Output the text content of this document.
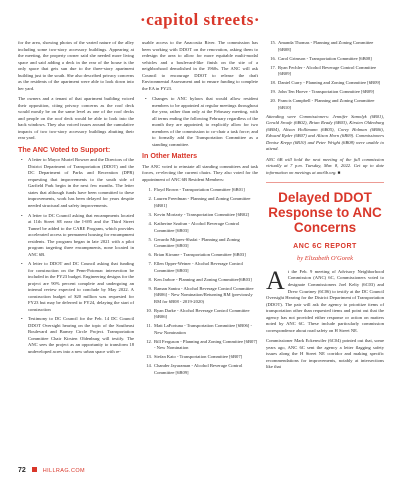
·capitol streets·

for the area, showing photos of the varied nature of the alley including some two-story accessory buildings. Appearing at the meeting, the property owner said she needed more living space and said adding a deck in the rear of the house is the only space that gets sun due to the three-story apartment building just to the south. She also described privacy concerns as the residents of the apartment were able to look down into her yard.

The owners and a tenant of that apartment building voiced their opposition, citing privacy concerns as the roof deck would mostly be on the same level as one of the roof decks and people on the roof deck would be able to look into the back windows. They also voiced issues around the cumulative impacts of two two-story accessory buildings abutting their rear yard.

The ANC Voted to Support:
• A letter to Mayor Muriel Bowser and the Directors of the District Department of Transportation (DDOT) and the DC Department of Parks and Recreation (DPR) requesting that improvements to the south side of Garfield Park begin in the next few months. The letter states that although funds have been committed to these improvements, work has been delayed for years despite needed structural and safety improvements.
• A letter to DC Council asking that encampments located at 11th Street SE near the I-695 and the Third Street Tunnel be added to the CARE Program, which provides accelerated access to permanent housing for encampment residents. The program began in late 2021 with a pilot program targeting three encampments, none located in ANC 6B.
• A letter to DDOT and DC Council asking that funding for construction on the Penn-Potomac intersection be included in the FY23 budget. Engineering designs for the project are 90% percent complete and undergoing an internal review expected to conclude by May 2022. A construction budget of $20 million was requested for FY23 but may be deferred to FY24, delaying the start of construction
• Testimony to DC Council for the Feb. 14 DC Council DDOT Oversight hearing on the topic of the Southeast Boulevard and Barney Circle Project. Transportation Committee Chair Kirsten Oldenburg will testify. The ANC sees the project as an opportunity to transform 18 undeveloped acres into a new urban space with re-

usable access to the Anacostia River. The commission has been working with DDOT on the renovation, asking them to redesign the area to allow for more equitable multi-modal vehicles and a boulevard-like finish on the site of a neighborhood demolished in the 1960s. The ANC will ask Council to encourage DDOT to release the draft Environmental Assessment and to ensure funding to complete the EA in FY23.

• Changes to ANC bylaws that would allow resident members to be appointed at regular meetings throughout the year, rather than only at the February meeting, with all terms ending the following February regardless of the month they are appointed; to explicitly allow for two members of the commission to co-chair a task force; and to formally add the Transportation Committee as a standing committee.
In Other Matters

The ANC voted to reinstate all standing committees and task forces, re-electing the current chairs. They also voted for the appointment of ANC 6B Resident Members:

1. Floyd Brown - Transportation Committee [6B01]
2. Lauren Freedman - Planning and Zoning Committee [6B01]
3. Kevin Moriarty - Transportation Committee [6B02]
4. Katherine Szafran - Alcohol Beverage Control Committee [6B03]
5. Gerardo Mijares-Shafai - Planning and Zoning Committee [6B03]
6. Brian Kirrane - Transportation Committee [6B03]
7. Ellen Opper-Weiner - Alcohol Beverage Control Committee [6B03]
8. Ken Jarboe - Planning and Zoning Committee[6B03]
9. Raman Santra - Alcohol Beverage Control Committee [6B06] - New Nomination/Returning RM (previously RM for 6B08 - 2019-2020)
10. Ryan Darke - Alcohol Beverage Control Committee [6B06]
11. Matt LaFortuna - Transportation Committee [6B06] - New Nomination
12. Bill Ferguson - Planning and Zoning Committee [6B07] - New Nomination
13. Stefan Kato - Transportation Committee [6B07]
14. Chander Jayaraman - Alcohol Beverage Control Committee [6B09]
15. Amanda Thomas - Planning and Zoning Committee [6B08]
16. Carol Grimson - Transportation Committee [6B08]
17. Ryan Fechler - Alcohol Beverage Control Committee [6B09]
18. Daniel Curry - Planning and Zoning Committee [6B09]
19. John Ten Hoeve - Transportation Committee [6B09]
20. Francis Campbell - Planning and Zoning Committee [6B10]

Attending were Commissioners: Jennifer Samolyk (6B01), Gerald Sroufe (6B02), Brian Ready (6B03), Kirsten Oldenburg (6B04), Alison Hollimann (6B05), Corey Holman (6B06), Edward Ryder (6B07) and Alison Horn (6B09). Commissioners Denise Krepp (6B10) and Peter Wright (6B08) were unable to attend.

ANC 6B will hold the next meeting of the full commission virtually at 7 p.m. Tuesday, Mar. 8, 2022. Get up to date information on meetings at anc6b.org. ■

Delayed DDOT Response to ANC Concerns
ANC 6C REPORT
by Elizabeth O'Gorek

At the Feb. 9 meeting of Advisory Neighborhood Commission (ANC) 6C, Commissioners voted to designate Commissioners Joel Kelty (6C03) and Drew Courtney (6C06) to testify at the DC Council Oversight Hearing for the District Department of Transportation (DDOT). The pair will ask the agency to prioritize items of transportation other than requested items and point out that the agency has not provided either response or action on matters noted by ANC 6C. These include particularly commission correspondence about road safety on H Street NE.

Commissioner Mark Eckenwiler (6C04) pointed out that, some years ago, ANC 6C sent the agency a letter flagging safety issues along the H Street NE corridor and making specific recommendations for improvements, notably at intersections like that

72	HILLRAG.COM
